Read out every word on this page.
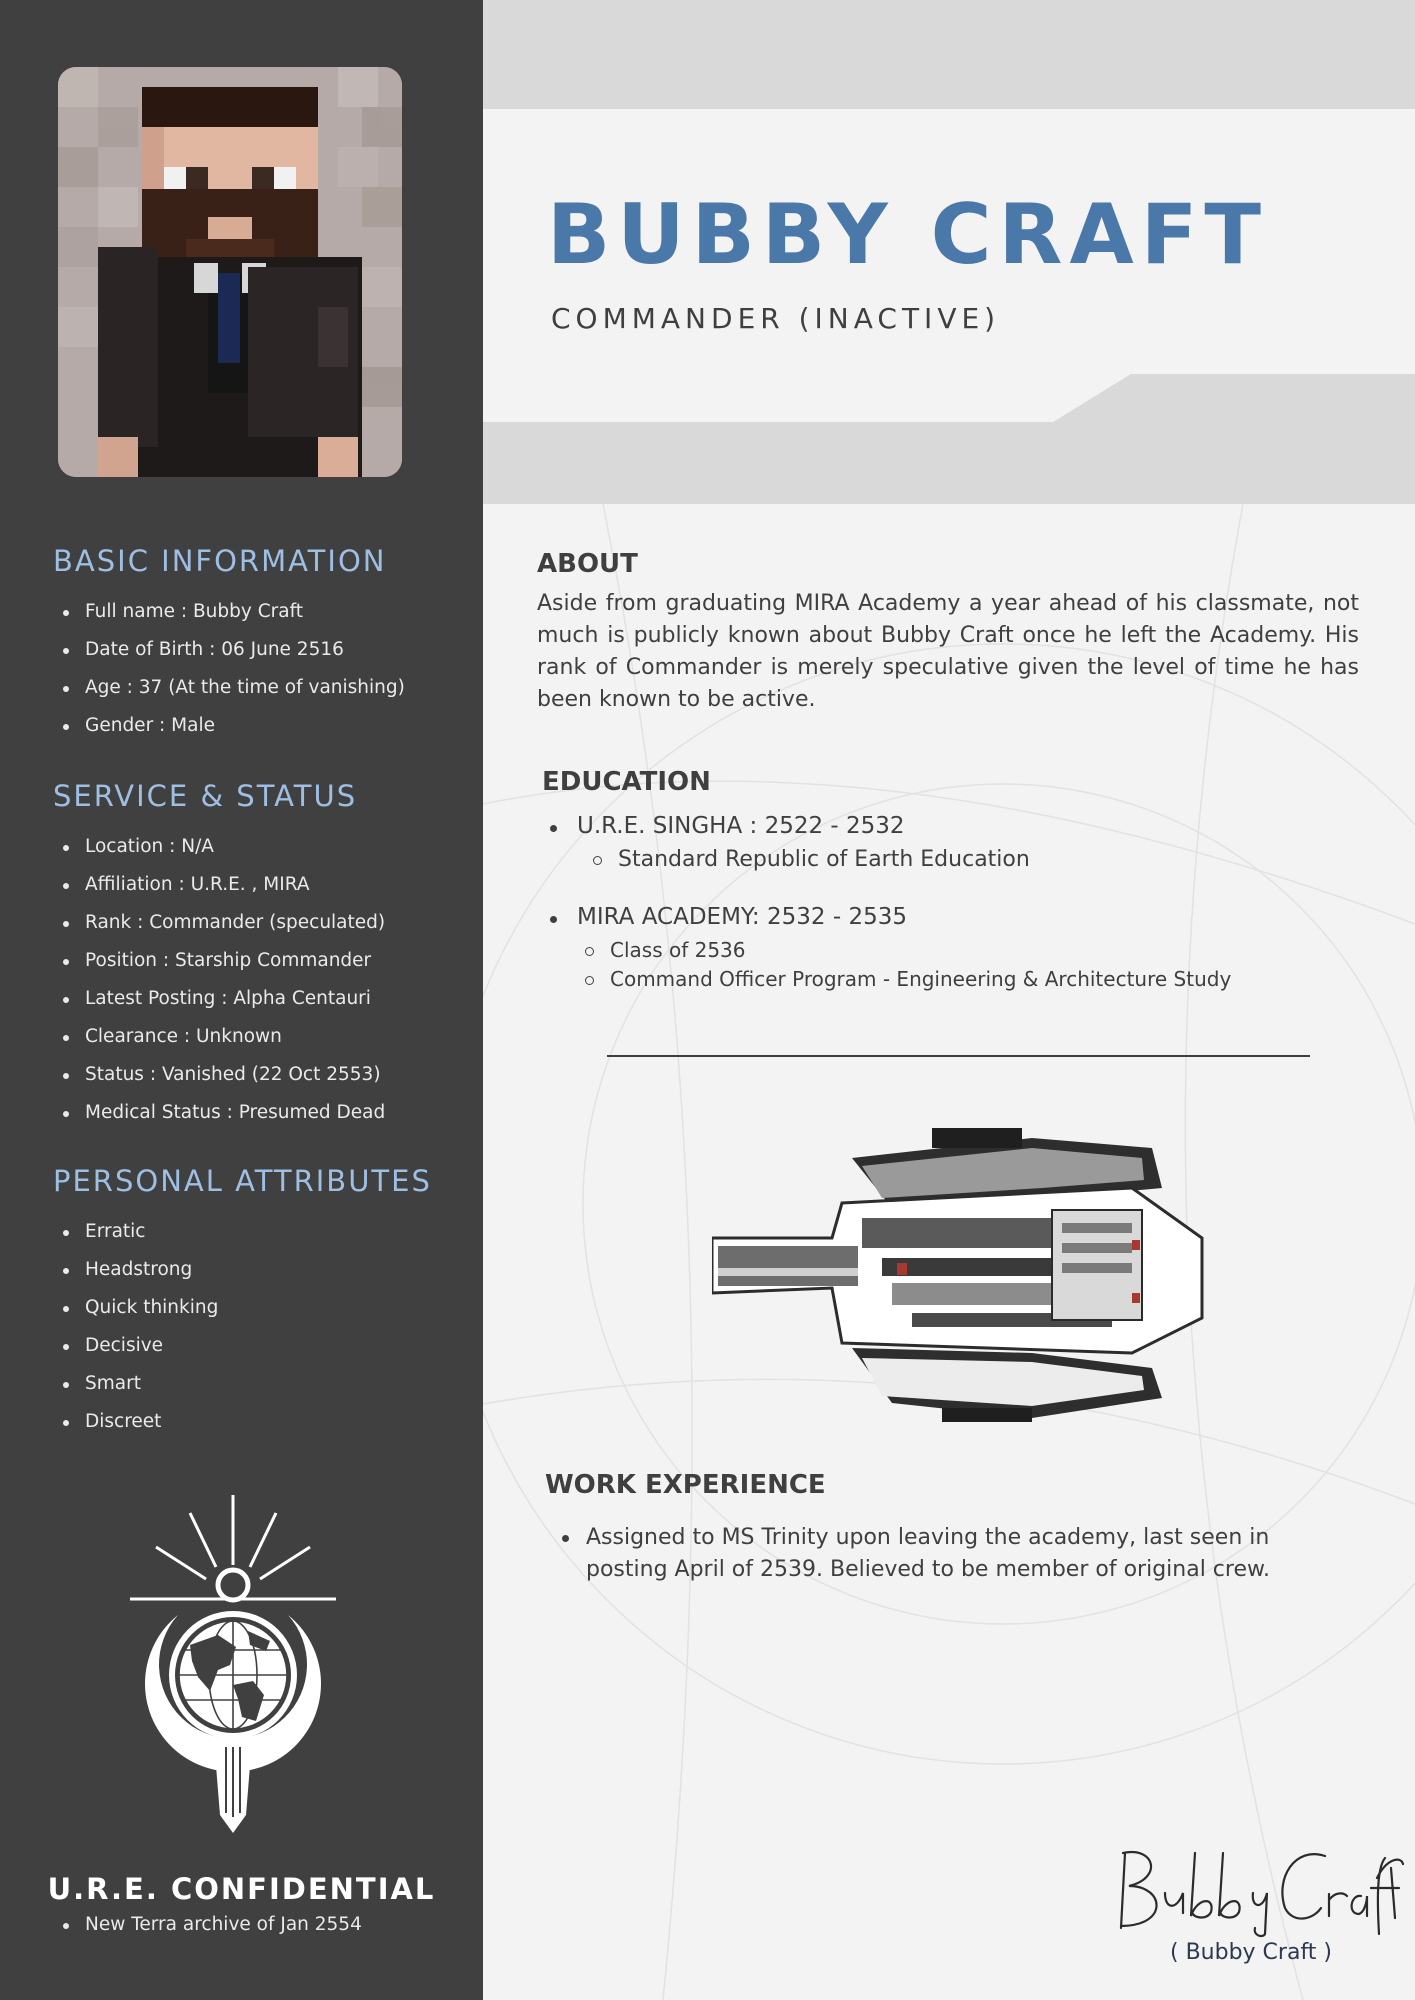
BASIC INFORMATION
Full name : Bubby Craft
Date of Birth : 06 June 2516
Age : 37 (At the time of vanishing)
Gender : Male
SERVICE & STATUS
Location : N/A
Affiliation : U.R.E. , MIRA
Rank : Commander (speculated)
Position : Starship Commander
Latest Posting : Alpha Centauri
Clearance : Unknown
Status : Vanished (22 Oct 2553)
Medical Status : Presumed Dead
PERSONAL ATTRIBUTES
Erratic
Headstrong
Quick thinking
Decisive
Smart
Discreet
U.R.E. CONFIDENTIAL
New Terra archive of Jan 2554
BUBBY CRAFT
COMMANDER (INACTIVE)
ABOUT

Aside from graduating MIRA Academy a year ahead of his classmate, not much is publicly known about Bubby Craft once he left the Academy. His rank of Commander is merely speculative given the level of time he has been known to be active.

EDUCATION
U.R.E. SINGHA : 2522 - 2532
Standard Republic of Earth Education
MIRA ACADEMY: 2532 - 2535
Class of 2536
Command Officer Program - Engineering & Architecture Study
WORK EXPERIENCE

Assigned to MS Trinity upon leaving the academy, last seen in posting April of 2539. Believed to be member of original crew.

( Bubby Craft )
